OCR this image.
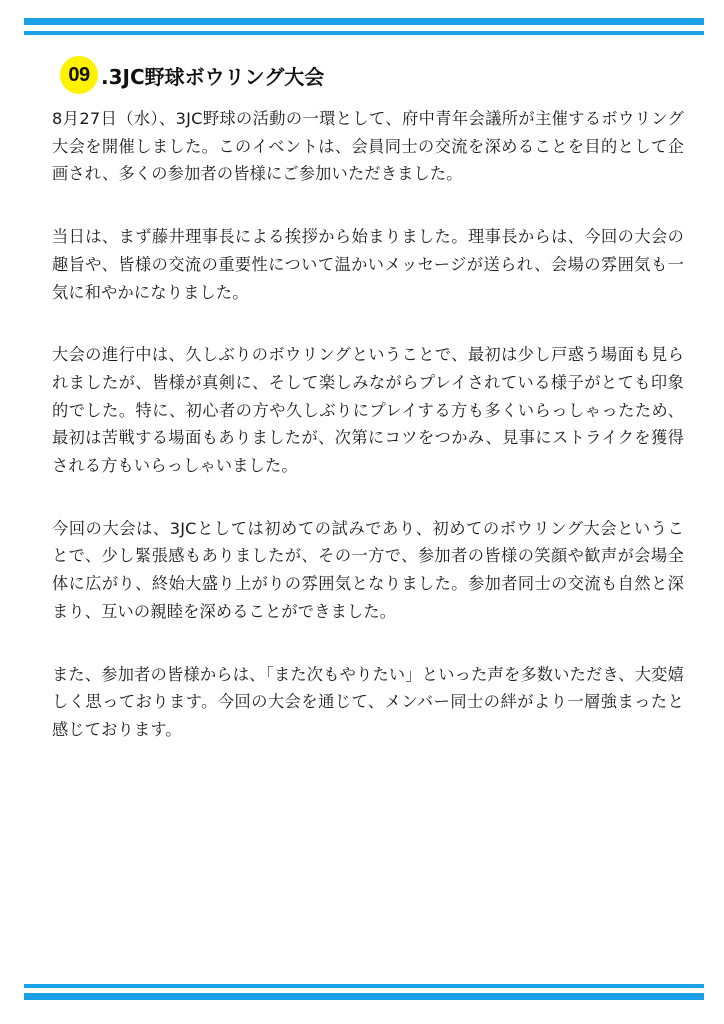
09 .3JC野球ボウリング大会

8月27日（水）、3JC野球の活動の一環として、府中青年会議所が主催するボウリング大会を開催しました。このイベントは、会員同士の交流を深めることを目的として企画され、多くの参加者の皆様にご参加いただきました。

当日は、まず藤井理事長による挨拶から始まりました。理事長からは、今回の大会の趣旨や、皆様の交流の重要性について温かいメッセージが送られ、会場の雰囲気も一気に和やかになりました。

大会の進行中は、久しぶりのボウリングということで、最初は少し戸惑う場面も見られましたが、皆様が真剣に、そして楽しみながらプレイされている様子がとても印象的でした。特に、初心者の方や久しぶりにプレイする方も多くいらっしゃったため、最初は苦戦する場面もありましたが、次第にコツをつかみ、見事にストライクを獲得される方もいらっしゃいました。

今回の大会は、3JCとしては初めての試みであり、初めてのボウリング大会ということで、少し緊張感もありましたが、その一方で、参加者の皆様の笑顔や歓声が会場全体に広がり、終始大盛り上がりの雰囲気となりました。参加者同士の交流も自然と深まり、互いの親睦を深めることができました。

また、参加者の皆様からは、「また次もやりたい」といった声を多数いただき、大変嬉しく思っております。今回の大会を通じて、メンバー同士の絆がより一層強まったと感じております。
